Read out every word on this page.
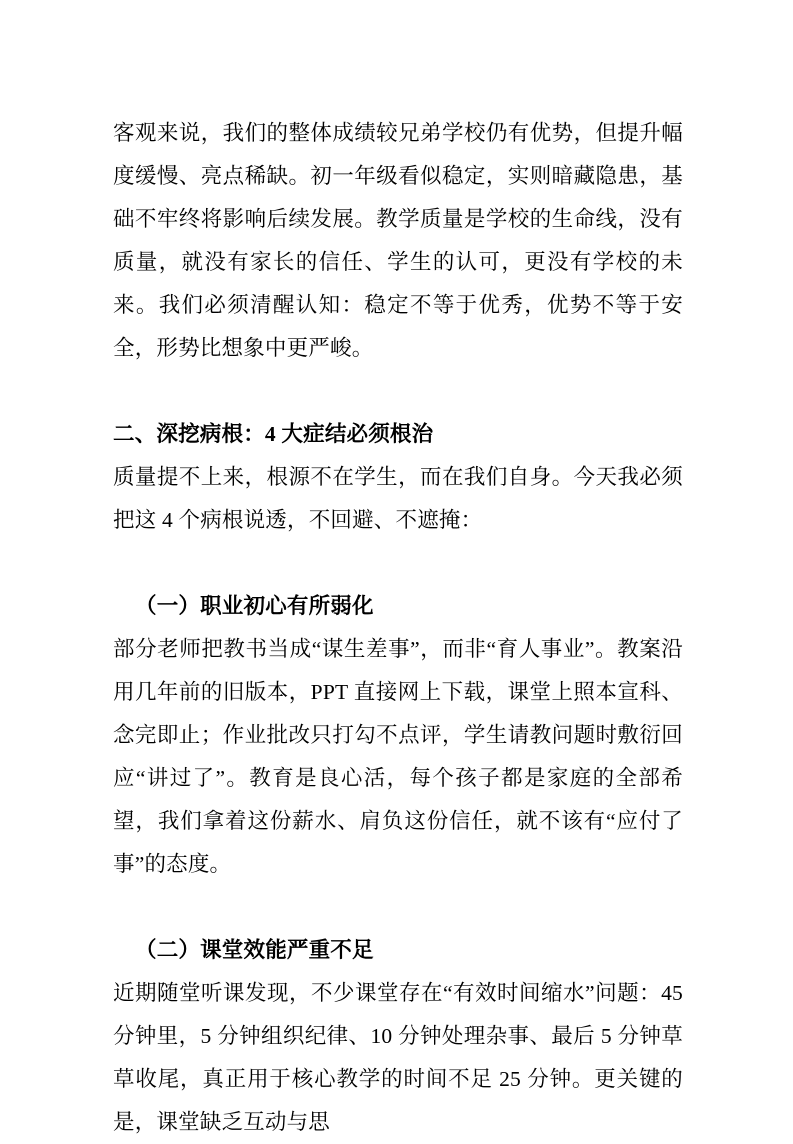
客观来说，我们的整体成绩较兄弟学校仍有优势，但提升幅度缓慢、亮点稀缺。初一年级看似稳定，实则暗藏隐患，基础不牢终将影响后续发展。教学质量是学校的生命线，没有质量，就没有家长的信任、学生的认可，更没有学校的未来。我们必须清醒认知：稳定不等于优秀，优势不等于安全，形势比想象中更严峻。

二、深挖病根：4 大症结必须根治

质量提不上来，根源不在学生，而在我们自身。今天我必须把这 4 个病根说透，不回避、不遮掩：

（一）职业初心有所弱化

部分老师把教书当成“谋生差事”，而非“育人事业”。教案沿用几年前的旧版本，PPT 直接网上下载，课堂上照本宣科、念完即止；作业批改只打勾不点评，学生请教问题时敷衍回应“讲过了”。教育是良心活，每个孩子都是家庭的全部希望，我们拿着这份薪水、肩负这份信任，就不该有“应付了事”的态度。

（二）课堂效能严重不足

近期随堂听课发现，不少课堂存在“有效时间缩水”问题：45 分钟里，5 分钟组织纪律、10 分钟处理杂事、最后 5 分钟草草收尾，真正用于核心教学的时间不足 25 分钟。更关键的是，课堂缺乏互动与思
